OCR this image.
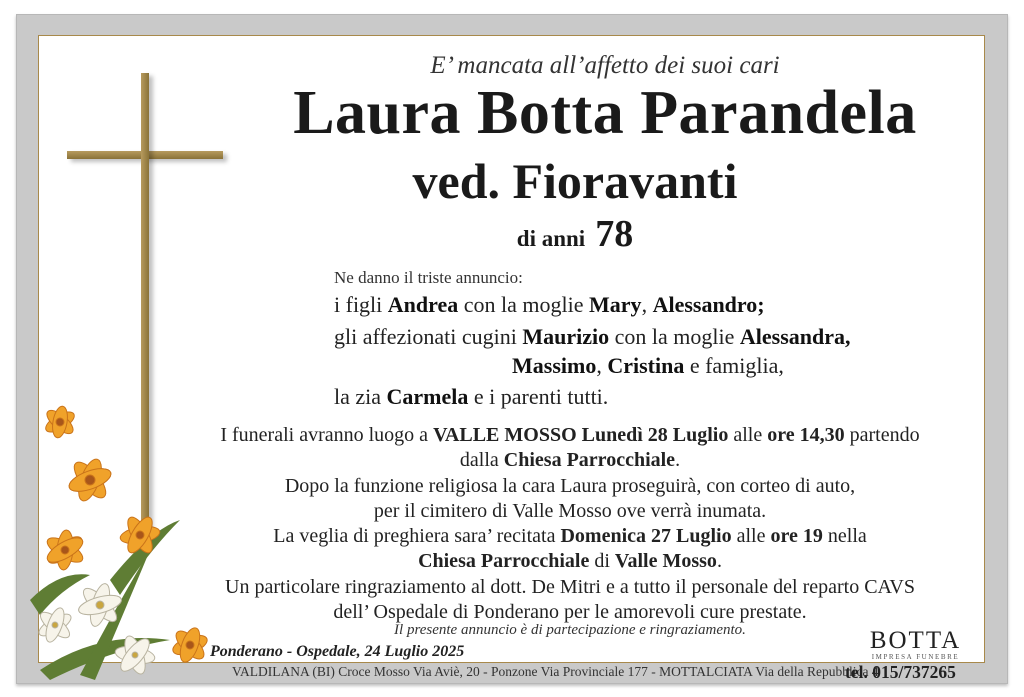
E’ mancata all’affetto dei suoi cari
Laura Botta Parandela
ved. Fioravanti
di anni 78
Ne danno il triste annuncio:
i figli Andrea con la moglie Mary, Alessandro;
gli affezionati cugini Maurizio con la moglie Alessandra,
Massimo, Cristina e famiglia,
la zia Carmela e i parenti tutti.
I funerali avranno luogo a VALLE MOSSO Lunedì 28 Luglio alle ore 14,30 partendo
dalla Chiesa Parrocchiale.
Dopo la funzione religiosa la cara Laura proseguirà, con corteo di auto,
per il cimitero di Valle Mosso ove verrà inumata.
La veglia di preghiera sara’ recitata Domenica 27 Luglio alle ore 19 nella
Chiesa Parrocchiale di Valle Mosso.
Un particolare ringraziamento al dott. De Mitri e a tutto il personale del reparto CAVS
dell’ Ospedale di Ponderano per le amorevoli cure prestate.
Il presente annuncio è di partecipazione e ringraziamento.
Ponderano - Ospedale, 24 Luglio 2025
VALDILANA (BI) Croce Mosso Via Aviè, 20 - Ponzone Via Provinciale 177 - MOTTALCIATA Via della Repubblica 4
BOTTA
IMPRESA FUNEBRE
tel. 015/737265
